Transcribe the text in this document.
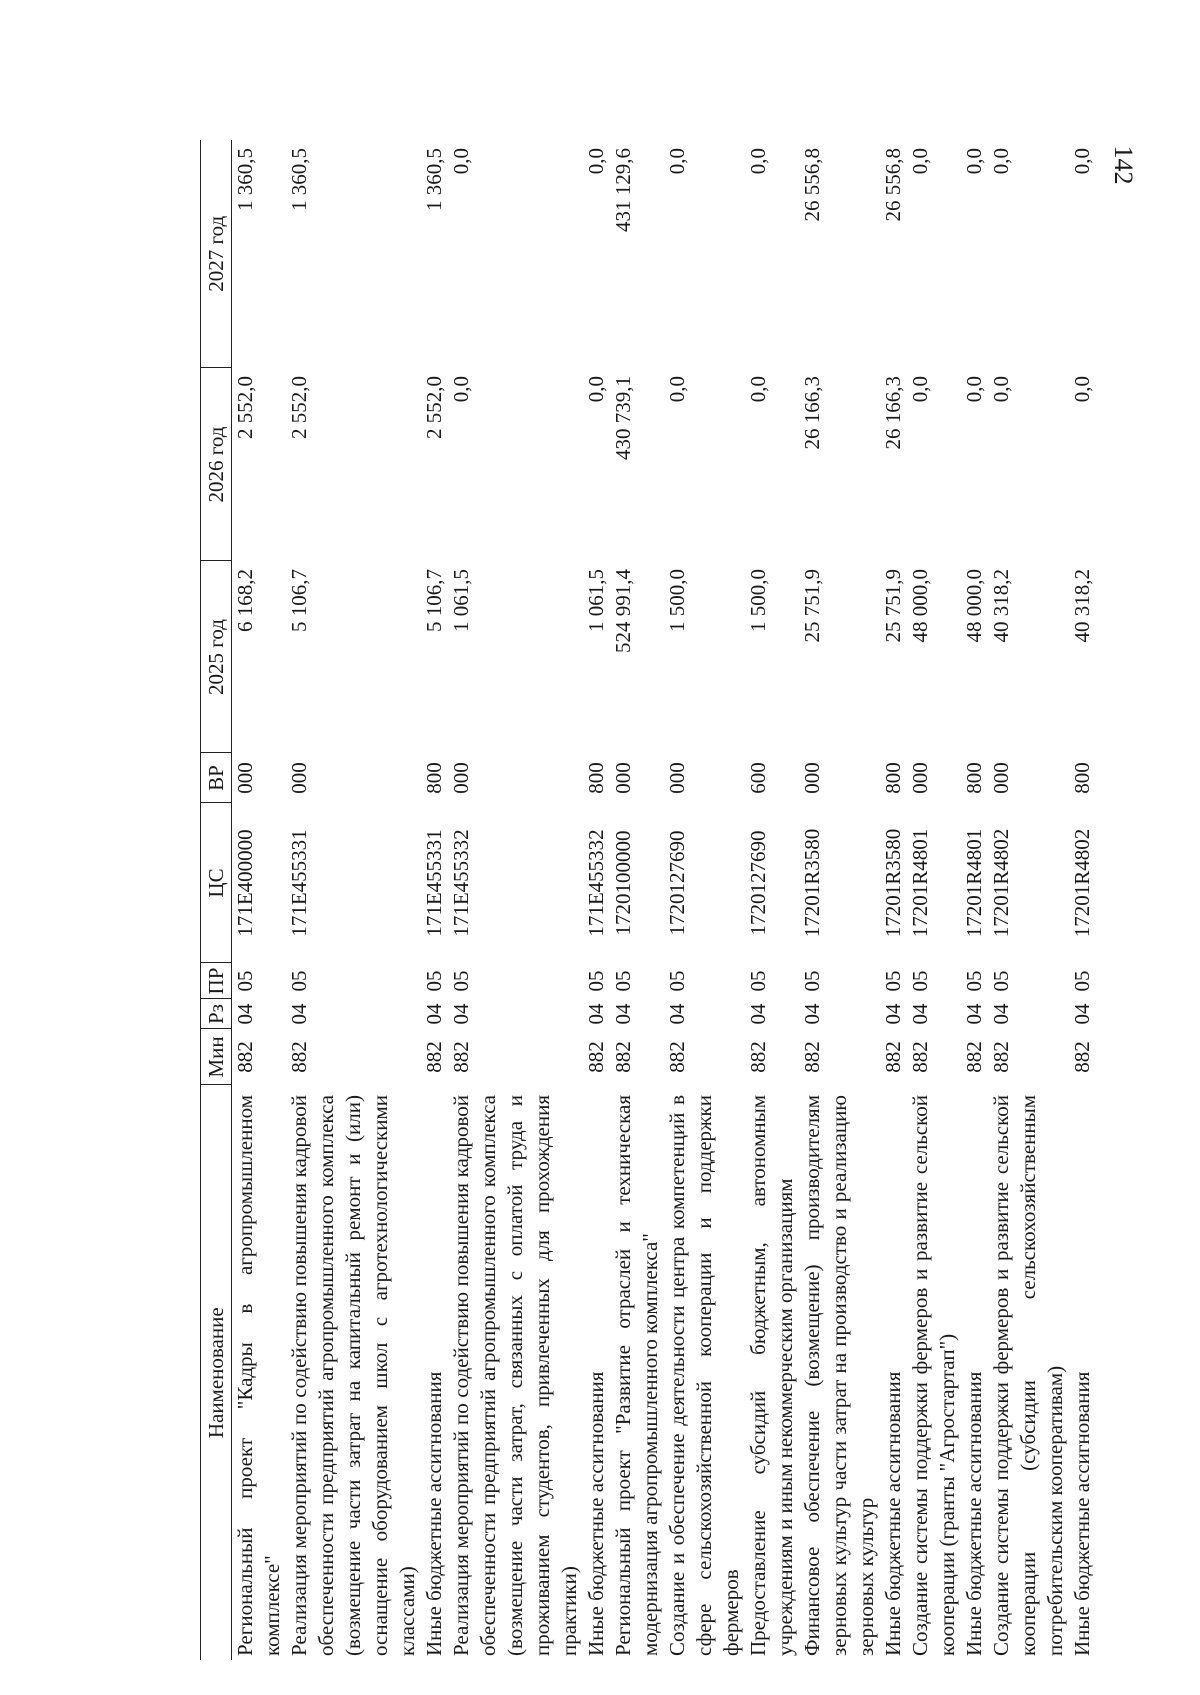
142
Наименование	Мин	Рз	ПР	ЦС	ВР	2025 год	2026 год	2027 год
Региональный проект "Кадры в агропромышленном комплексе"	882	04	05	171Е400000	000	6 168,2	2 552,0	1 360,5
Реализация мероприятий по содействию повышения кадровой обеспеченности предприятий агропромышленного комплекса (возмещение части затрат на капитальный ремонт и (или) оснащение оборудованием школ с агротехнологическими классами)	882	04	05	171Е455331	000	5 106,7	2 552,0	1 360,5
Иные бюджетные ассигнования	882	04	05	171Е455331	800	5 106,7	2 552,0	1 360,5
Реализация мероприятий по содействию повышения кадровой обеспеченности предприятий агропромышленного комплекса (возмещение части затрат, связанных с оплатой труда и проживанием студентов, привлеченных для прохождения практики)	882	04	05	171Е455332	000	1 061,5	0,0	0,0
Иные бюджетные ассигнования	882	04	05	171Е455332	800	1 061,5	0,0	0,0
Региональный проект "Развитие отраслей и техническая модернизация агропромышленного комплекса"	882	04	05	1720100000	000	524 991,4	430 739,1	431 129,6
Создание и обеспечение деятельности центра компетенций в сфере сельскохозяйственной кооперации и поддержки фермеров	882	04	05	1720127690	000	1 500,0	0,0	0,0
Предоставление субсидий бюджетным, автономным учреждениям и иным некоммерческим организациям	882	04	05	1720127690	600	1 500,0	0,0	0,0
Финансовое обеспечение (возмещение) производителям зерновых культур части затрат на производство и реализацию зерновых культур	882	04	05	17201R3580	000	25 751,9	26 166,3	26 556,8
Иные бюджетные ассигнования	882	04	05	17201R3580	800	25 751,9	26 166,3	26 556,8
Создание системы поддержки фермеров и развитие сельской кооперации (гранты "Агростартап")	882	04	05	17201R4801	000	48 000,0	0,0	0,0
Иные бюджетные ассигнования	882	04	05	17201R4801	800	48 000,0	0,0	0,0
Создание системы поддержки фермеров и развитие сельской кооперации (субсидии сельскохозяйственным потребительским кооперативам)	882	04	05	17201R4802	000	40 318,2	0,0	0,0
Иные бюджетные ассигнования	882	04	05	17201R4802	800	40 318,2	0,0	0,0
